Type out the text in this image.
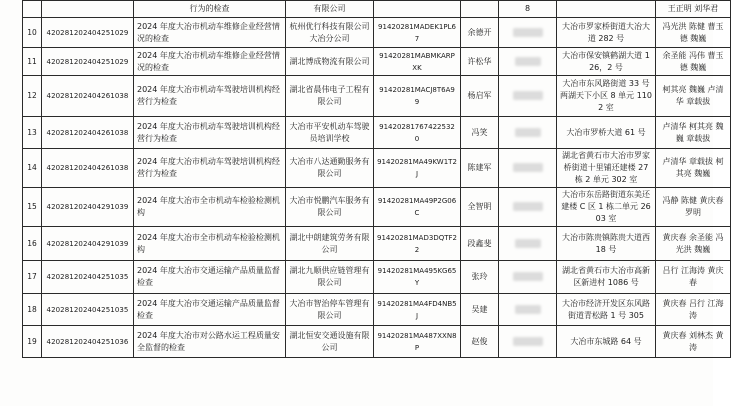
		行为的检查	有限公司			8		王正明 刘华君
10	420281202404251029	2024 年度大冶市机动车维修企业经营情况的检查	杭州优行科技有限公司大冶分公司	91420281MADEK1PL67	余德开		大冶市罗家桥街道大冶大道 282 号	冯光洪 陈健 曹玉德 魏巍
11	420281202404251029	2024 年度大冶市机动车维修企业经营情况的检查	湖北博成物流有限公司	91420281MABMKARPXK	许松华		大冶市保安镇鹤湖大道 126，2 号	余圣能 冯伟 曹玉德 魏巍
12	420281202404261038	2024 年度大冶市机动车驾驶培训机构经营行为检查	湖北省晨伟电子工程有限公司	91420281MACJ8T6A99	杨启军		大冶市东风路街道 33 号两湖天下小区 8 单元 1102 室	柯其亮 魏巍 卢清华 章载拔
13	420281202404261038	2024 年度大冶市机动车驾驶培训机构经营行为检查	大冶市平安机动车驾驶员培训学校	914202817674225320	冯笑		大冶市罗桥大道 61 号	卢清华 柯其亮 魏巍 章载拔
14	420281202404261038	2024 年度大冶市机动车驾驶培训机构经营行为检查	大冶市八达通勤服务有限公司	91420281MA49KW1T2J	陈建军		湖北省黄石市大冶市罗家桥街道十里铺还建楼 27 栋 2 单元 302 室	卢清华 章载拔 柯其亮 魏巍
15	420281202404291039	2024 年度大冶市全市机动车检验检测机构	大冶市悦鹏汽车服务有限公司	91420281MA49P2G06C	全智明		大冶市东岳路街道东美还建楼 C 区 1 栋二单元 2603 室	冯静 陈健 黄庆春 罗明
16	420281202404291039	2024 年度大冶市全市机动车检验检测机构	湖北中朗建筑劳务有限公司	91420281MAD3DQTF22	段鑫斐		大冶市陈贵镇陈贵大道西 18 号	黄庆春 余圣能 冯光洪 魏巍
17	420281202404251035	2024 年度大冶市交通运输产品质量监督检查	湖北九顺供应链管理有限公司	91420281MA495KG65Y	张玲		湖北省黄石市大冶市高新区新进村 1086 号	吕行 江海涛 黄庆春
18	420281202404251035	2024 年度大冶市交通运输产品质量监督检查	大冶市智治停车管理有限公司	91420281MA4FD4NB5J	吴建		大冶市经济开发区东风路街道青松路 1 号 305	黄庆春 吕行 江海涛
19	420281202404251036	2024 年度大冶市对公路水运工程质量安全监督的检查	湖北恒安交通设施有限公司	91420281MA487XXN8P	赵俊		大冶市东城路 64 号	黄庆春 刘林杰 黄涛
